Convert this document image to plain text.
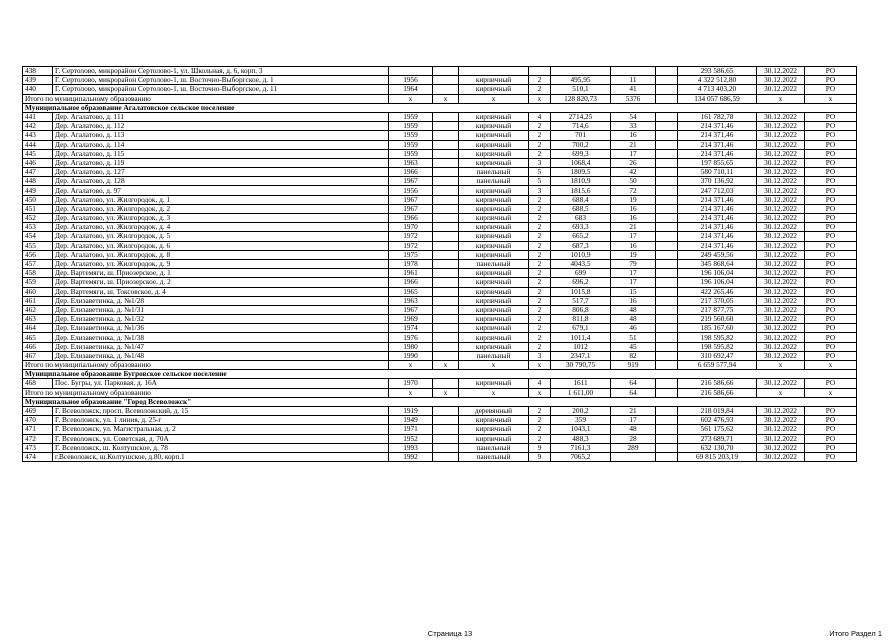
438	Г. Сертолово, микрорайон Сертолово-1, ул. Школьная, д. 6, корп. 3								293 586,65	30.12.2022	РО
439	Г. Сертолово, микрорайон Сертолово-1, ш. Восточно-Выборгское, д. 1	1956		кирпичный	2	495,95	11		4 322 512,80	30.12.2022	РО
440	Г. Сертолово, микрорайон Сертолово-1, ш. Восточно-Выборгское, д. 11	1964		кирпичный	2	510,1	41		4 713 403,20	30.12.2022	РО
Итого по муниципальному образованию		x	x	x	x	128 820,73	5376		134 057 686,59	x	x
Муниципальное образование Агалатовское сельское поселение											
441	Дер. Агалатово, д. 111	1959		кирпичный	4	2714,25	54		161 782,78	30.12.2022	РО
442	Дер. Агалатово, д. 112	1959		кирпичный	2	714,6	33		214 371,46	30.12.2022	РО
443	Дер. Агалатово, д. 113	1959		кирпичный	2	701	16		214 371,46	30.12.2022	РО
444	Дер. Агалатово, д. 114	1959		кирпичный	2	700,2	21		214 371,46	30.12.2022	РО
445	Дер. Агалатово, д. 115	1959		кирпичный	2	699,3	17		214 371,46	30.12.2022	РО
446	Дер. Агалатово, д. 119	1963		кирпичный	3	1068,4	26		197 855,65	30.12.2022	РО
447	Дер. Агалатово, д. 127	1966		панельный	5	1809,5	42		580 710,11	30.12.2022	РО
448	Дер. Агалатово, д. 128	1967		панельный	5	1810,9	50		370 136,92	30.12.2022	РО
449	Дер. Агалатово, д. 97	1956		кирпичный	3	1815,6	72		247 712,03	30.12.2022	РО
450	Дер. Агалатово, ул. Жилгородок, д. 1	1967		кирпичный	2	688,4	19		214 371,46	30.12.2022	РО
451	Дер. Агалатово, ул. Жилгородок, д. 2	1967		кирпичный	2	688,5	16		214 371,46	30.12.2022	РО
452	Дер. Агалатово, ул. Жилгородок, д. 3	1966		кирпичный	2	683	16		214 371,46	30.12.2022	РО
453	Дер. Агалатово, ул. Жилгородок, д. 4	1970		кирпичный	2	693,3	21		214 371,46	30.12.2022	РО
454	Дер. Агалатово, ул. Жилгородок, д. 5	1972		кирпичный	2	665,2	17		214 371,46	30.12.2022	РО
455	Дер. Агалатово, ул. Жилгородок, д. 6	1972		кирпичный	2	687,3	16		214 371,46	30.12.2022	РО
456	Дер. Агалатово, ул. Жилгородок, д. 8	1975		кирпичный	2	1010,9	19		249 459,56	30.12.2022	РО
457	Дер. Агалатово, ул. Жилгородок, д. 9	1978		панельный	2	4043,5	79		345 868,64	30.12.2022	РО
458	Дер. Вартемяги, ш. Приозерское, д. 1	1961		кирпичный	2	699	17		196 106,04	30.12.2022	РО
459	Дер. Вартемяги, ш. Приозерское, д. 2	1966		кирпичный	2	696,2	17		196 106,04	30.12.2022	РО
460	Дер. Вартемяги, ш. Токсовское, д. 4	1965		кирпичный	2	1015,8	15		422 265,46	30.12.2022	РО
461	Дер. Елизаветинка, д. №1/28	1963		кирпичный	2	517,7	16		217 370,05	30.12.2022	РО
462	Дер. Елизаветинка, д. №1/31	1967		кирпичный	2	806,8	48		217 877,75	30.12.2022	РО
463	Дер. Елизаветинка, д. №1/32	1969		кирпичный	2	811,8	48		219 560,60	30.12.2022	РО
464	Дер. Елизаветинка, д. №1/36	1974		кирпичный	2	679,1	46		185 167,60	30.12.2022	РО
465	Дер. Елизаветинка, д. №1/38	1976		кирпичный	2	1011,4	51		198 595,82	30.12.2022	РО
466	Дер. Елизаветинка, д. №1/47	1980		кирпичный	2	1012	45		198 595,82	30.12.2022	РО
467	Дер. Елизаветинка, д. №1/48	1990		панельный	3	2347,1	82		310 692,47	30.12.2022	РО
Итого по муниципальному образованию		x	x	x	x	30 790,75	919		6 659 577,94	x	x
Муниципальное образование Бугровское сельское поселение											
468	Пос. Бугры, ул. Парковая, д. 16А	1970		кирпичный	4	1611	64		216 586,66	30.12.2022	РО
Итого по муниципальному образованию		x	x	x	x	1 611,00	64		216 586,66	x	x
Муниципальное образование "Город Всеволожск"											
469	Г. Всеволожск, просп. Всеволожский, д. 15	1919		деревянный	2	200,2	21		218 019,84	30.12.2022	РО
470	Г. Всеволожск, ул. 1 линия, д. 25-г	1949		кирпичный	2	359	17		602 476,93	30.12.2022	РО
471	Г. Всеволожск, ул. Магистральная, д. 2	1971		кирпичный	2	1043,1	48		561 175,62	30.12.2022	РО
472	Г. Всеволожск, ул. Советская, д. 70А	1952		кирпичный	2	488,3	28		273 689,71	30.12.2022	РО
473	Г. Всеволожск, ш. Колтушское, д. 78	1993		панельный	9	7161,3	289		632 130,70	30.12.2022	РО
474	г.Всеволожск, ш.Колтушское, д.80, корп.1	1992		панельный	9	7065,2			69 815 203,19	30.12.2022	РО
Страница 13	Итого Раздел 1
